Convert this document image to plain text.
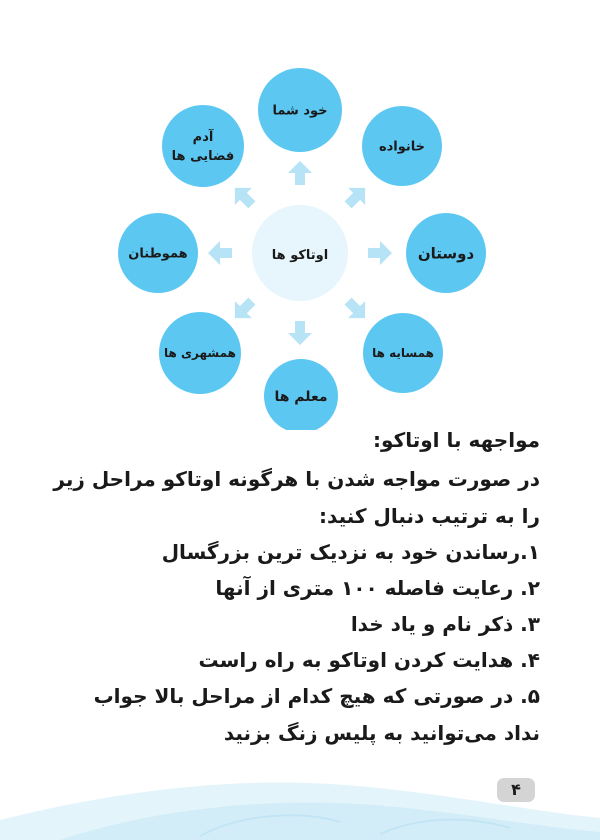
اوتاکو ها
خود شما
خانواده
دوستان
همسایه ها
معلم ها
همشهری ها
هموطنان
آدم
فضایی ها
مواجهه با اوتاکو:
در صورت مواجه شدن با هرگونه اوتاکو مراحل زیر
را به ترتیب دنبال کنید:
۱.رساندن خود به نزدیک ترین بزرگسال
۲. رعایت فاصله ۱۰۰ متری از آنها
۳. ذکر نام و یاد خدا
۴. هدایت کردن اوتاکو به راه راست
۵. در صورتی که هیچ کدام از مراحل بالا جواب
نداد می‌توانید به پلیس زنگ بزنید
۴
